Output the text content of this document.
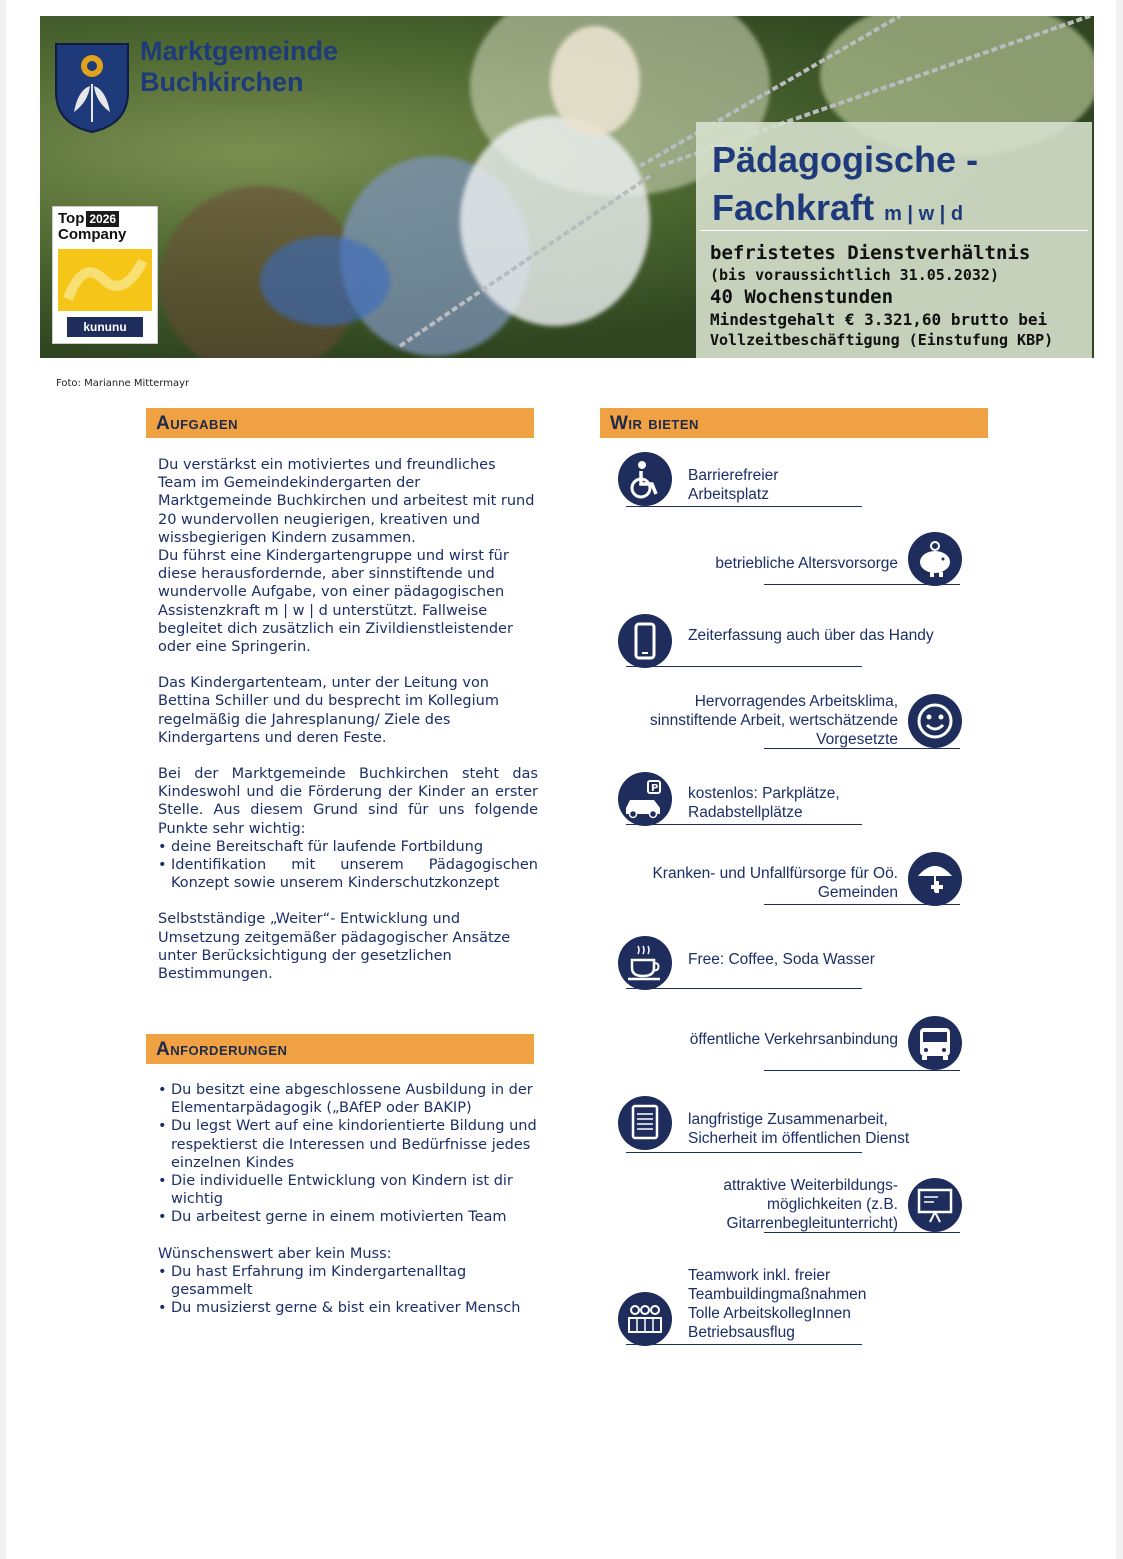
Marktgemeinde
Buchkirchen
Top 2026
Company
kununu
Pädagogische -
Fachkraft m | w | d
befristetes Dienstverhältnis
(bis voraussichtlich 31.05.2032)
40 Wochenstunden
Mindestgehalt € 3.321,60 brutto bei
Vollzeitbeschäftigung (Einstufung KBP)
Foto: Marianne Mittermayr
Aufgaben

Du verstärkst ein motiviertes und freundliches Team im Gemeindekindergarten der Marktgemeinde Buchkirchen und arbeitest mit rund 20 wundervollen neugierigen, kreativen und wissbegierigen Kindern zusammen.

Du führst eine Kindergartengruppe und wirst für diese herausfordernde, aber sinnstiftende und wundervolle Aufgabe, von einer pädagogischen Assistenzkraft m | w | d unterstützt. Fallweise begleitet dich zusätzlich ein Zivildienstleistender oder eine Springerin.

Das Kindergartenteam, unter der Leitung von Bettina Schiller und du besprecht im Kollegium regelmäßig die Jahresplanung/ Ziele des Kindergartens und deren Feste.

Bei der Marktgemeinde Buchkirchen steht das Kindeswohl und die Förderung der Kinder an erster Stelle. Aus diesem Grund sind für uns folgende Punkte sehr wichtig:

• deine Bereitschaft für laufende Fortbildung
• Identifikation mit unserem Pädagogischen Konzept sowie unserem Kinderschutzkonzept

Selbstständige „Weiter“- Entwicklung und Umsetzung zeitgemäßer pädagogischer Ansätze unter Berücksichtigung der gesetzlichen Bestimmungen.

Anforderungen
• Du besitzt eine abgeschlossene Ausbildung in der Elementarpädagogik („BAfEP oder BAKIP)
• Du legst Wert auf eine kindorientierte Bildung und respektierst die Interessen und Bedürfnisse jedes einzelnen Kindes
• Die individuelle Entwicklung von Kindern ist dir wichtig
• Du arbeitest gerne in einem motivierten Team
Wünschenswert aber kein Muss:
• Du hast Erfahrung im Kindergartenalltag gesammelt
• Du musizierst gerne & bist ein kreativer Mensch
Wir bieten
Barrierefreier
Arbeitsplatz
betriebliche Altersvorsorge
Zeiterfassung auch über das Handy
Hervorragendes Arbeitsklima,
sinnstiftende Arbeit, wertschätzende
Vorgesetzte
P kostenlos: Parkplätze,
Radabstellplätze
Kranken- und Unfallfürsorge für Oö.
Gemeinden
Free: Coffee, Soda Wasser
öffentliche Verkehrsanbindung
langfristige Zusammenarbeit,
Sicherheit im öffentlichen Dienst
attraktive Weiterbildungs-
möglichkeiten (z.B.
Gitarrenbegleitunterricht)
Teamwork inkl. freier
Teambuildingmaßnahmen
Tolle ArbeitskollegInnen
Betriebsausflug
